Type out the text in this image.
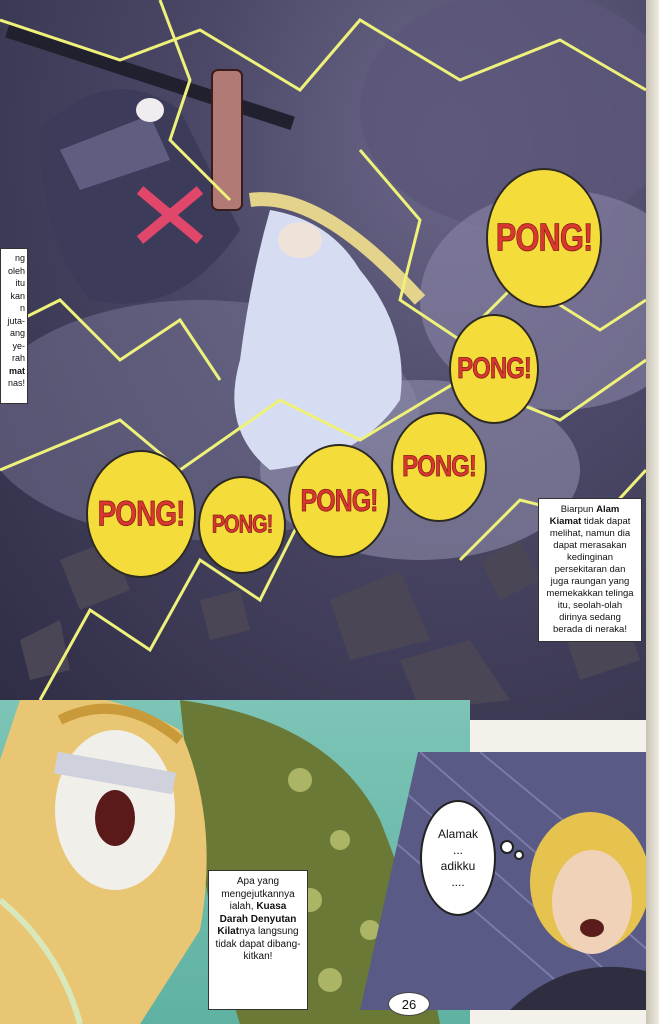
PONG!
PONG!
PONG!
PONG!
PONG!
PONG!
ng
oleh
itu
kan
n
juta-
ang
ye-
rah
mat
nas!
Biarpun Alam Kiamat tidak dapat melihat, namun dia dapat merasakan kedinginan persekitaran dan juga raungan yang memekakkan telinga itu, seolah-olah dirinya sedang berada di neraka!
Alamak
...
adikku
....
Apa yang mengejutkannya ialah, Kuasa Darah Denyutan Kilatnya langsung tidak dapat dibang-kitkan!
26
